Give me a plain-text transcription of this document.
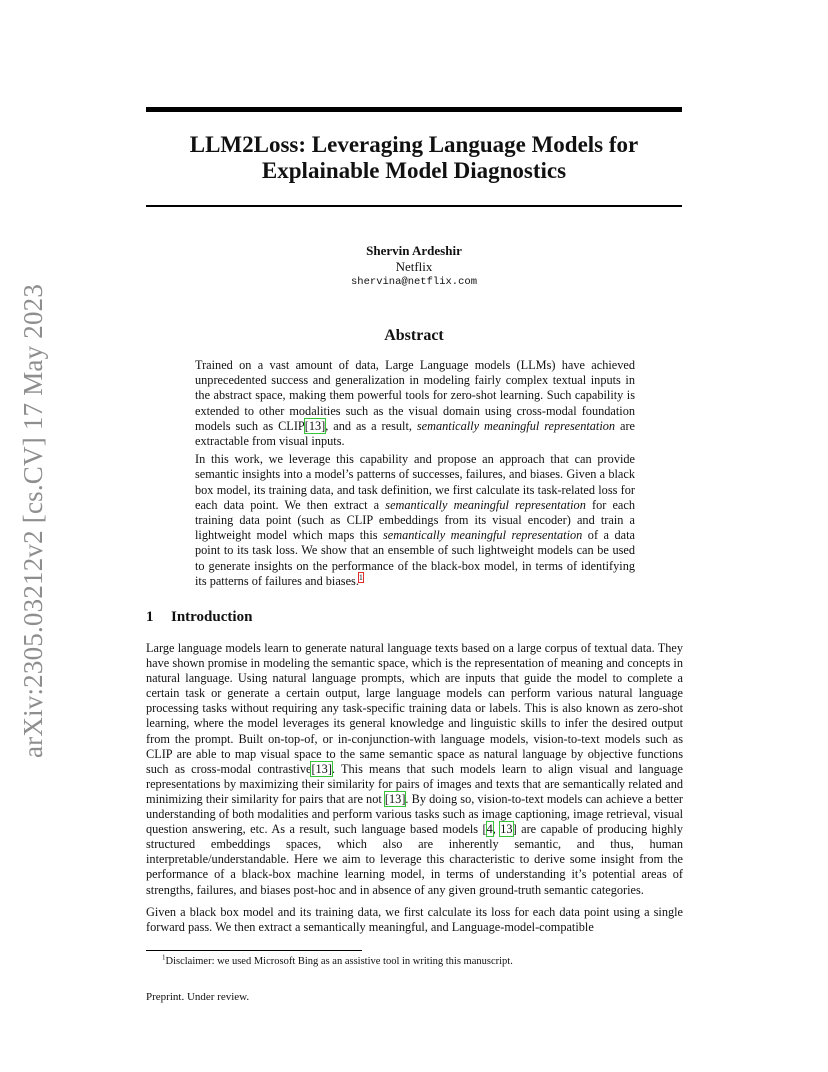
arXiv:2305.03212v2 [cs.CV] 17 May 2023
LLM2Loss: Leveraging Language Models for
Explainable Model Diagnostics
Shervin Ardeshir
Netflix
shervina@netflix.com
Abstract

Trained on a vast amount of data, Large Language models (LLMs) have achieved unprecedented success and generalization in modeling fairly complex textual inputs in the abstract space, making them powerful tools for zero-shot learning. Such capability is extended to other modalities such as the visual domain using cross-modal foundation models such as CLIP[13], and as a result, semantically meaningful representation are extractable from visual inputs.

In this work, we leverage this capability and propose an approach that can provide semantic insights into a model’s patterns of successes, failures, and biases. Given a black box model, its training data, and task definition, we first calculate its task-related loss for each data point. We then extract a semantically meaningful representation for each training data point (such as CLIP embeddings from its visual encoder) and train a lightweight model which maps this semantically meaningful representation of a data point to its task loss. We show that an ensemble of such lightweight models can be used to generate insights on the performance of the black-box model, in terms of identifying its patterns of failures and biases.$^1$

1 Introduction

Large language models learn to generate natural language texts based on a large corpus of textual data. They have shown promise in modeling the semantic space, which is the representation of meaning and concepts in natural language. Using natural language prompts, which are inputs that guide the model to complete a certain task or generate a certain output, large language models can perform various natural language processing tasks without requiring any task-specific training data or labels. This is also known as zero-shot learning, where the model leverages its general knowledge and linguistic skills to infer the desired output from the prompt. Built on-top-of, or in-conjunction-with language models, vision-to-text models such as CLIP are able to map visual space to the same semantic space as natural language by objective functions such as cross-modal contrastive[13]. This means that such models learn to align visual and language representations by maximizing their similarity for pairs of images and texts that are semantically related and minimizing their similarity for pairs that are not [13]. By doing so, vision-to-text models can achieve a better understanding of both modalities and perform various tasks such as image captioning, image retrieval, visual question answering, etc. As a result, such language based models [4, 13] are capable of producing highly structured embeddings spaces, which also are inherently semantic, and thus, human interpretable/understandable. Here we aim to leverage this characteristic to derive some insight from the performance of a black-box machine learning model, in terms of understanding it’s potential areas of strengths, failures, and biases post-hoc and in absence of any given ground-truth semantic categories.

Given a black box model and its training data, we first calculate its loss for each data point using a single forward pass. We then extract a semantically meaningful, and Language-model-compatible

$^1$Disclaimer: we used Microsoft Bing as an assistive tool in writing this manuscript.
Preprint. Under review.
